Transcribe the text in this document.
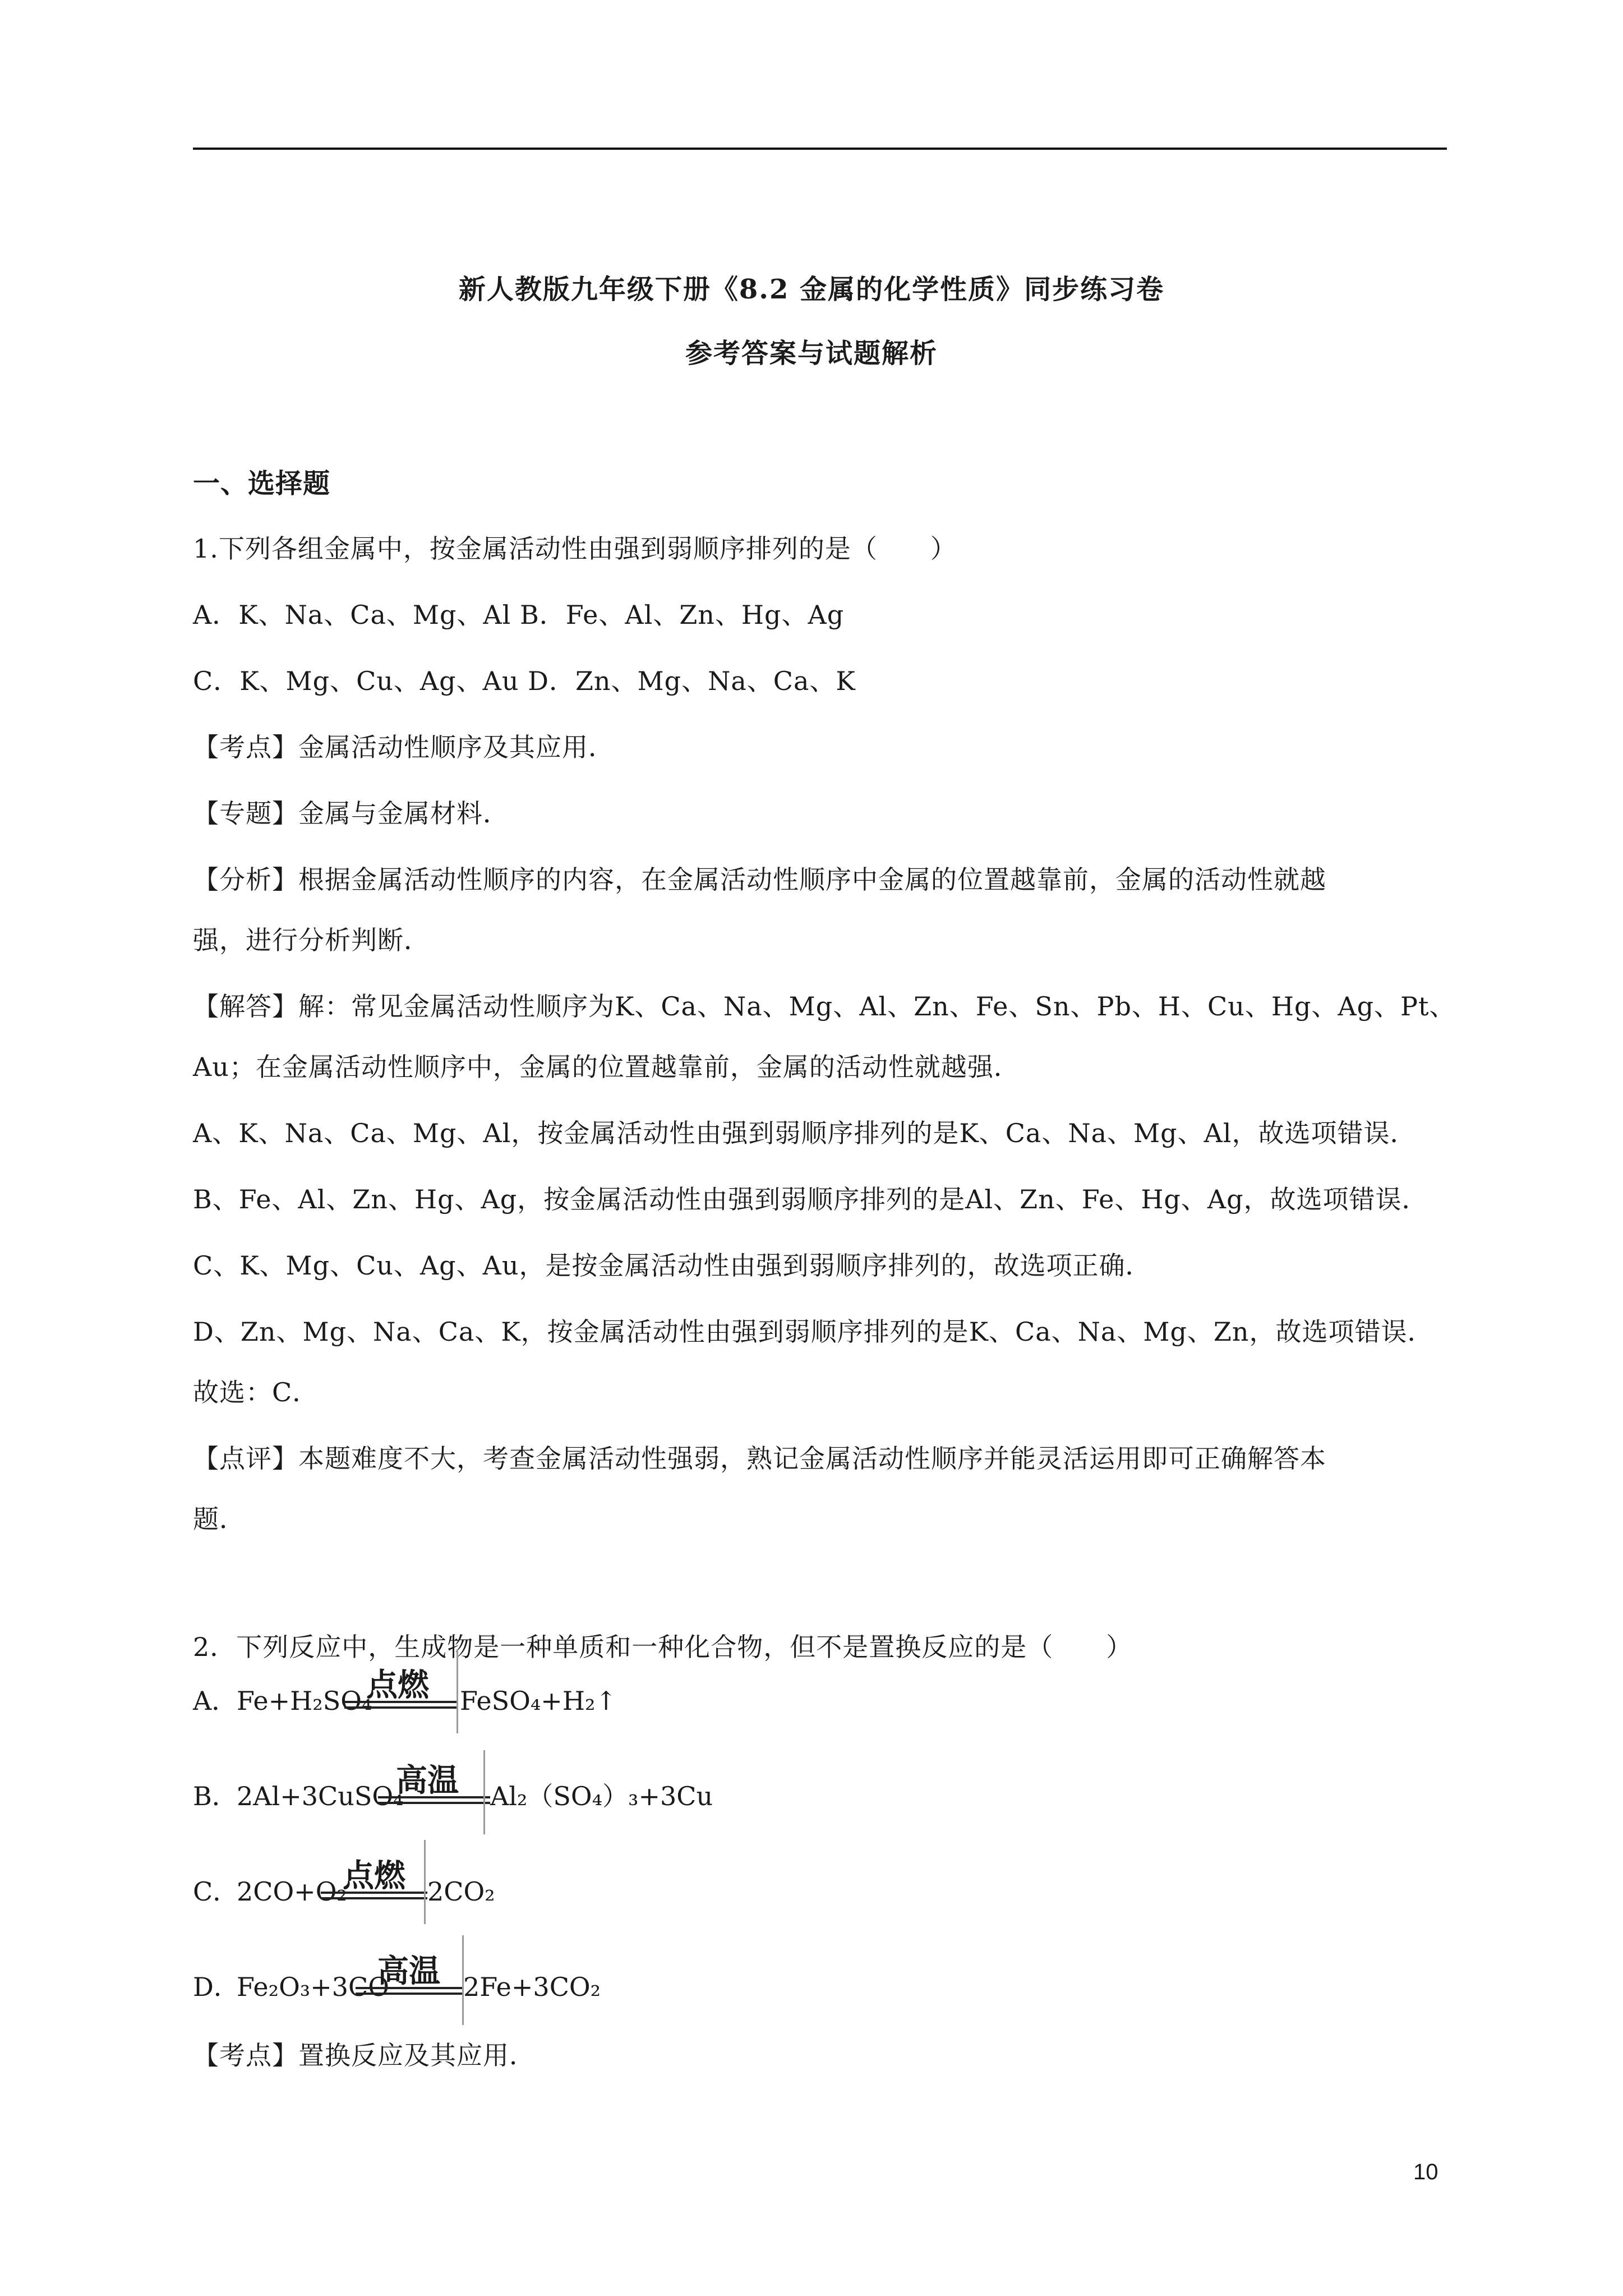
新人教版九年级下册《8.2 金属的化学性质》同步练习卷
参考答案与试题解析
一、选择题
1.下列各组金属中，按金属活动性由强到弱顺序排列的是（　　）
A．K、Na、Ca、Mg、Al B．Fe、Al、Zn、Hg、Ag
C．K、Mg、Cu、Ag、Au D．Zn、Mg、Na、Ca、K
【考点】金属活动性顺序及其应用．
【专题】金属与金属材料．
【分析】根据金属活动性顺序的内容，在金属活动性顺序中金属的位置越靠前，金属的活动性就越
强，进行分析判断．
【解答】解：常见金属活动性顺序为K、Ca、Na、Mg、Al、Zn、Fe、Sn、Pb、H、Cu、Hg、Ag、Pt、
Au；在金属活动性顺序中，金属的位置越靠前，金属的活动性就越强．
A、K、Na、Ca、Mg、Al，按金属活动性由强到弱顺序排列的是K、Ca、Na、Mg、Al，故选项错误．
B、Fe、Al、Zn、Hg、Ag，按金属活动性由强到弱顺序排列的是Al、Zn、Fe、Hg、Ag，故选项错误．
C、K、Mg、Cu、Ag、Au，是按金属活动性由强到弱顺序排列的，故选项正确．
D、Zn、Mg、Na、Ca、K，按金属活动性由强到弱顺序排列的是K、Ca、Na、Mg、Zn，故选项错误．
故选：C．
【点评】本题难度不大，考查金属活动性强弱，熟记金属活动性顺序并能灵活运用即可正确解答本
题．
2．下列反应中，生成物是一种单质和一种化合物，但不是置换反应的是（　　）
A．
Fe+H₂SO₄
点燃	FeSO₄+H₂↑
B．
2Al+3CuSO₄
高温	Al₂（SO₄）₃+3Cu
C．
2CO+O₂
点燃 2CO₂
D．
Fe₂O₃+3CO
高温 2Fe+3CO₂
【考点】置换反应及其应用．
10
